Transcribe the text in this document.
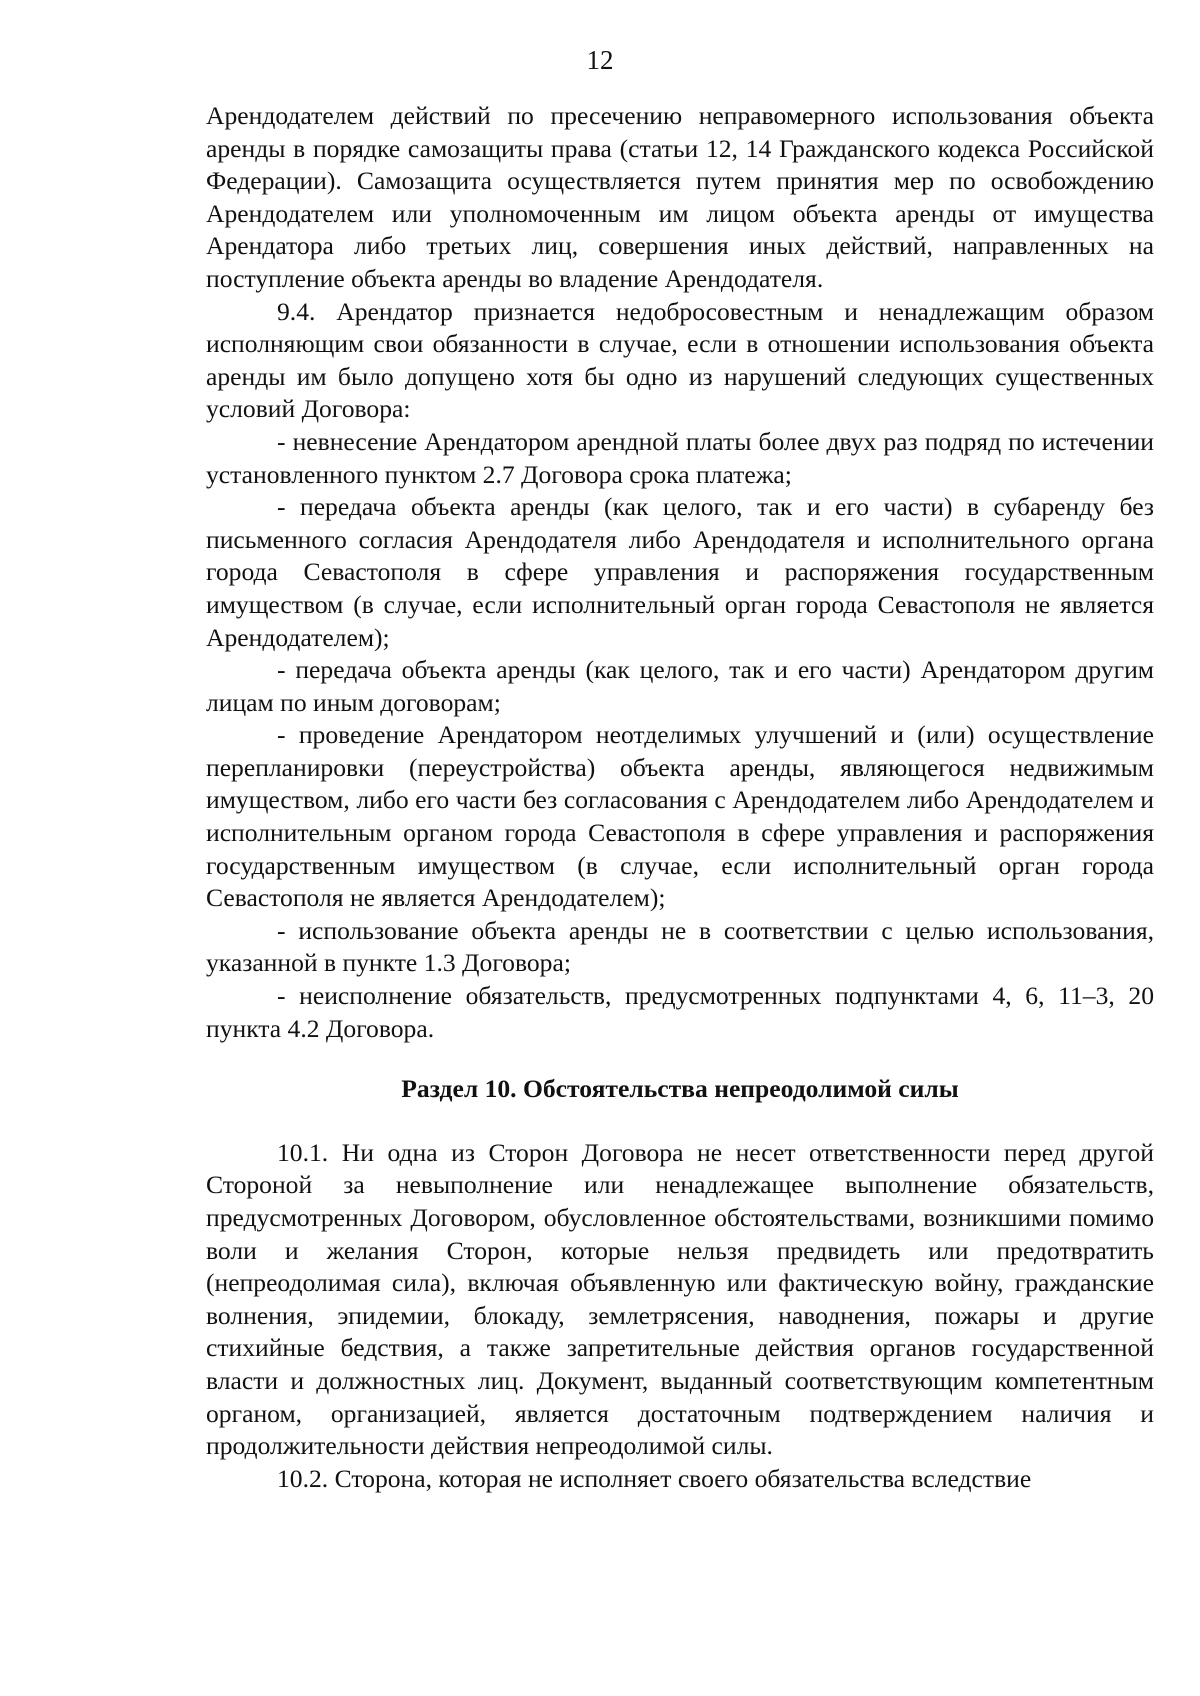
12

Арендодателем действий по пресечению неправомерного использования объекта аренды в порядке самозащиты права (статьи 12, 14 Гражданского кодекса Российской Федерации). Самозащита осуществляется путем принятия мер по освобождению Арендодателем или уполномоченным им лицом объекта аренды от имущества Арендатора либо третьих лиц, совершения иных действий, направленных на поступление объекта аренды во владение Арендодателя.

9.4. Арендатор признается недобросовестным и ненадлежащим образом исполняющим свои обязанности в случае, если в отношении использования объекта аренды им было допущено хотя бы одно из нарушений следующих существенных условий Договора:

- невнесение Арендатором арендной платы более двух раз подряд по истечении установленного пунктом 2.7 Договора срока платежа;

- передача объекта аренды (как целого, так и его части) в субаренду без письменного согласия Арендодателя либо Арендодателя и исполнительного органа города Севастополя в сфере управления и распоряжения государственным имуществом (в случае, если исполнительный орган города Севастополя не является Арендодателем);

- передача объекта аренды (как целого, так и его части) Арендатором другим лицам по иным договорам;

- проведение Арендатором неотделимых улучшений и (или) осуществление перепланировки (переустройства) объекта аренды, являющегося недвижимым имуществом, либо его части без согласования с Арендодателем либо Арендодателем и исполнительным органом города Севастополя в сфере управления и распоряжения государственным имуществом (в случае, если исполнительный орган города Севастополя не является Арендодателем);

- использование объекта аренды не в соответствии с целью использования, указанной в пункте 1.3 Договора;

- неисполнение обязательств, предусмотренных подпунктами 4, 6, 11–3, 20 пункта 4.2 Договора.

Раздел 10. Обстоятельства непреодолимой силы

10.1. Ни одна из Сторон Договора не несет ответственности перед другой Стороной за невыполнение или ненадлежащее выполнение обязательств, предусмотренных Договором, обусловленное обстоятельствами, возникшими помимо воли и желания Сторон, которые нельзя предвидеть или предотвратить (непреодолимая сила), включая объявленную или фактическую войну, гражданские волнения, эпидемии, блокаду, землетрясения, наводнения, пожары и другие стихийные бедствия, а также запретительные действия органов государственной власти и должностных лиц. Документ, выданный соответствующим компетентным органом, организацией, является достаточным подтверждением наличия и продолжительности действия непреодолимой силы.

10.2. Сторона, которая не исполняет своего обязательства вследствие
